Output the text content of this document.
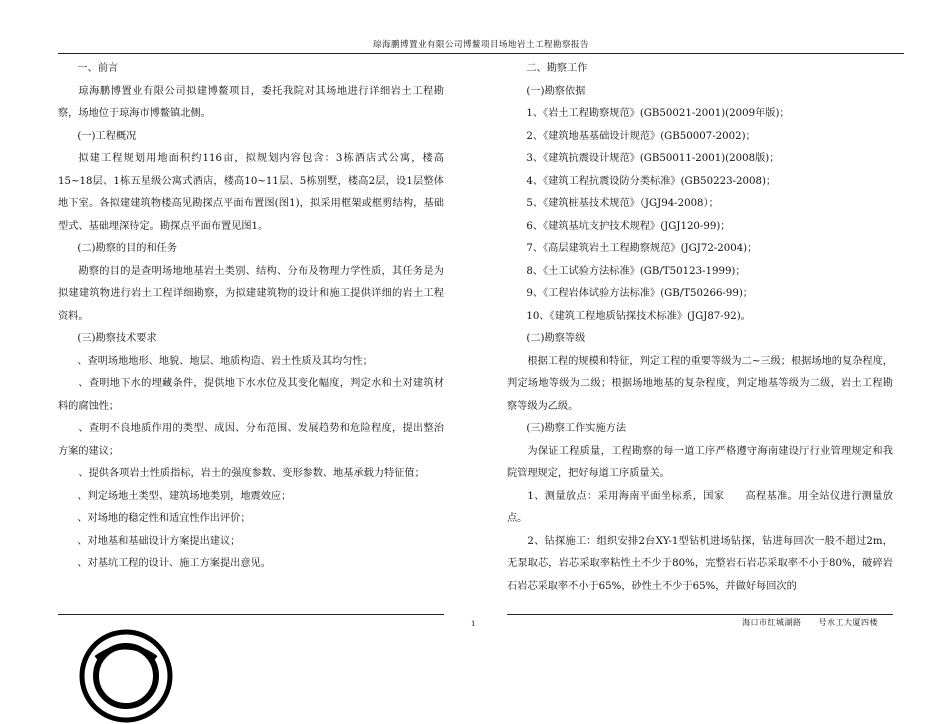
琼海鹏博置业有限公司博鳌项目场地岩土工程勘察报告

一、前言

琼海鹏博置业有限公司拟建博鳌项目，委托我院对其场地进行详细岩土工程勘察，场地位于琼海市博鳌镇北侧。

(一)工程概况

拟建工程规划用地面积约116亩，拟规划内容包含：3栋酒店式公寓，楼高15~18层、1栋五星级公寓式酒店，楼高10~11层、5栋别墅，楼高2层，设1层整体地下室。各拟建建筑物楼高见勘探点平面布置图(图1)，拟采用框架或框剪结构，基础型式、基础埋深待定。勘探点平面布置见图1。

(二)勘察的目的和任务

勘察的目的是查明场地地基岩土类别、结构、分布及物理力学性质，其任务是为拟建建筑物进行岩土工程详细勘察，为拟建建筑物的设计和施工提供详细的岩土工程资料。

(三)勘察技术要求

、查明场地地形、地貌、地层、地质构造、岩土性质及其均匀性；

、查明地下水的埋藏条件，提供地下水水位及其变化幅度，判定水和土对建筑材料的腐蚀性；

、查明不良地质作用的类型、成因、分布范围、发展趋势和危险程度，提出整治方案的建议；

、提供各项岩土性质指标，岩土的强度参数、变形参数、地基承载力特征值；

、判定场地土类型、建筑场地类别，地震效应；

、对场地的稳定性和适宜性作出评价；

、对地基和基础设计方案提出建议；

、对基坑工程的设计、施工方案提出意见。

二、勘察工作

(一)勘察依据

1、《岩土工程勘察规范》(GB50021-2001)(2009年版)；

2、《建筑地基基础设计规范》(GB50007-2002)；

3、《建筑抗震设计规范》(GB50011-2001)(2008版)；

4、《建筑工程抗震设防分类标准》(GB50223-2008)；

5、《建筑桩基技术规范》（JGJ94-2008）；

6、《建筑基坑支护技术规程》(JGJ120-99)；

7、《高层建筑岩土工程勘察规范》(JGJ72-2004)；

8、《土工试验方法标准》(GB/T50123-1999)；

9、《工程岩体试验方法标准》(GB/T50266-99)；

10、《建筑工程地质钻探技术标准》(JGJ87-92)。

(二)勘察等级

根据工程的规模和特征，判定工程的重要等级为二~三级；根据场地的复杂程度，判定场地等级为二级；根据场地地基的复杂程度，判定地基等级为二级，岩土工程勘察等级为乙级。

(三)勘察工作实施方法

为保证工程质量，工程勘察的每一道工序严格遵守海南建设厅行业管理规定和我院管理规定，把好每道工序质量关。

1、测量放点：采用海南平面坐标系，国家　　高程基准。用全站仪进行测量放点。

2、钻探施工：组织安排2台XY-1型钻机进场钻探，钻进每回次一般不超过2m，无泵取芯，岩芯采取率粘性土不少于80%，完整岩石岩芯采取率不小于80%，破碎岩石岩芯采取率不小于65%，砂性土不少于65%，并做好每回次的

1	海口市红城湖路　　号水工大厦四楼
